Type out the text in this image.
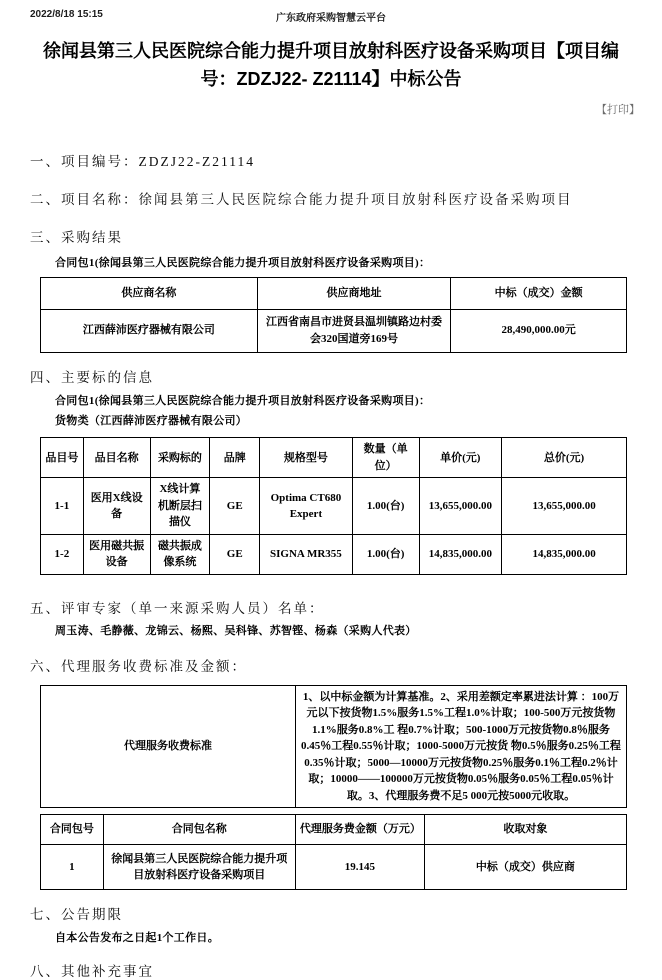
2022/8/18 15:15	广东政府采购智慧云平台
徐闻县第三人民医院综合能力提升项目放射科医疗设备采购项目【项目编号：ZDZJ22- Z21114】中标公告
【打印】
一、项目编号：ZDZJ22-Z21114
二、项目名称：徐闻县第三人民医院综合能力提升项目放射科医疗设备采购项目
三、采购结果
合同包1(徐闻县第三人民医院综合能力提升项目放射科医疗设备采购项目)：
供应商名称	供应商地址	中标（成交）金额
江西薛沛医疗器械有限公司	江西省南昌市进贤县温圳镇路边村委会320国道旁169号	28,490,000.00元
四、主要标的信息
合同包1(徐闻县第三人民医院综合能力提升项目放射科医疗设备采购项目)：
货物类（江西薛沛医疗器械有限公司）
品目号	品目名称	采购标的	品牌	规格型号	数量（单位）	单价(元)	总价(元)
1-1	医用X线设备	X线计算机断层扫描仪	GE	Optima CT680 Expert	1.00(台)	13,655,000.00	13,655,000.00
1-2	医用磁共振设备	磁共振成像系统	GE	SIGNA MR355	1.00(台)	14,835,000.00	14,835,000.00
五、评审专家（单一来源采购人员）名单：
周玉涛、毛静薇、龙锦云、杨熙、吴科锋、苏智铿、杨森（采购人代表）
六、代理服务收费标准及金额：
代理服务收费标准	1、以中标金额为计算基准。2、采用差额定率累进法计算 ：100万元以下按货物1.5%服务1.5%工程1.0%计取；100-500万元按货物1.1%服务0.8%工 程0.7%计取；500-1000万元按货物0.8％服务0.45％工程0.55％计取；1000-5000万元按货 物0.5％服务0.25％工程0.35％计取；5000—10000万元按货物0.25％服务0.1％工程0.2％计 取；10000——100000万元按货物0.05％服务0.05％工程0.05％计取。3、代理服务费不足5 000元按5000元收取。
合同包号	合同包名称	代理服务费金额（万元）	收取对象
1	徐闻县第三人民医院综合能力提升项目放射科医疗设备采购项目	19.145	中标（成交）供应商
七、公告期限
自本公告发布之日起1个工作日。
八、其他补充事宜
